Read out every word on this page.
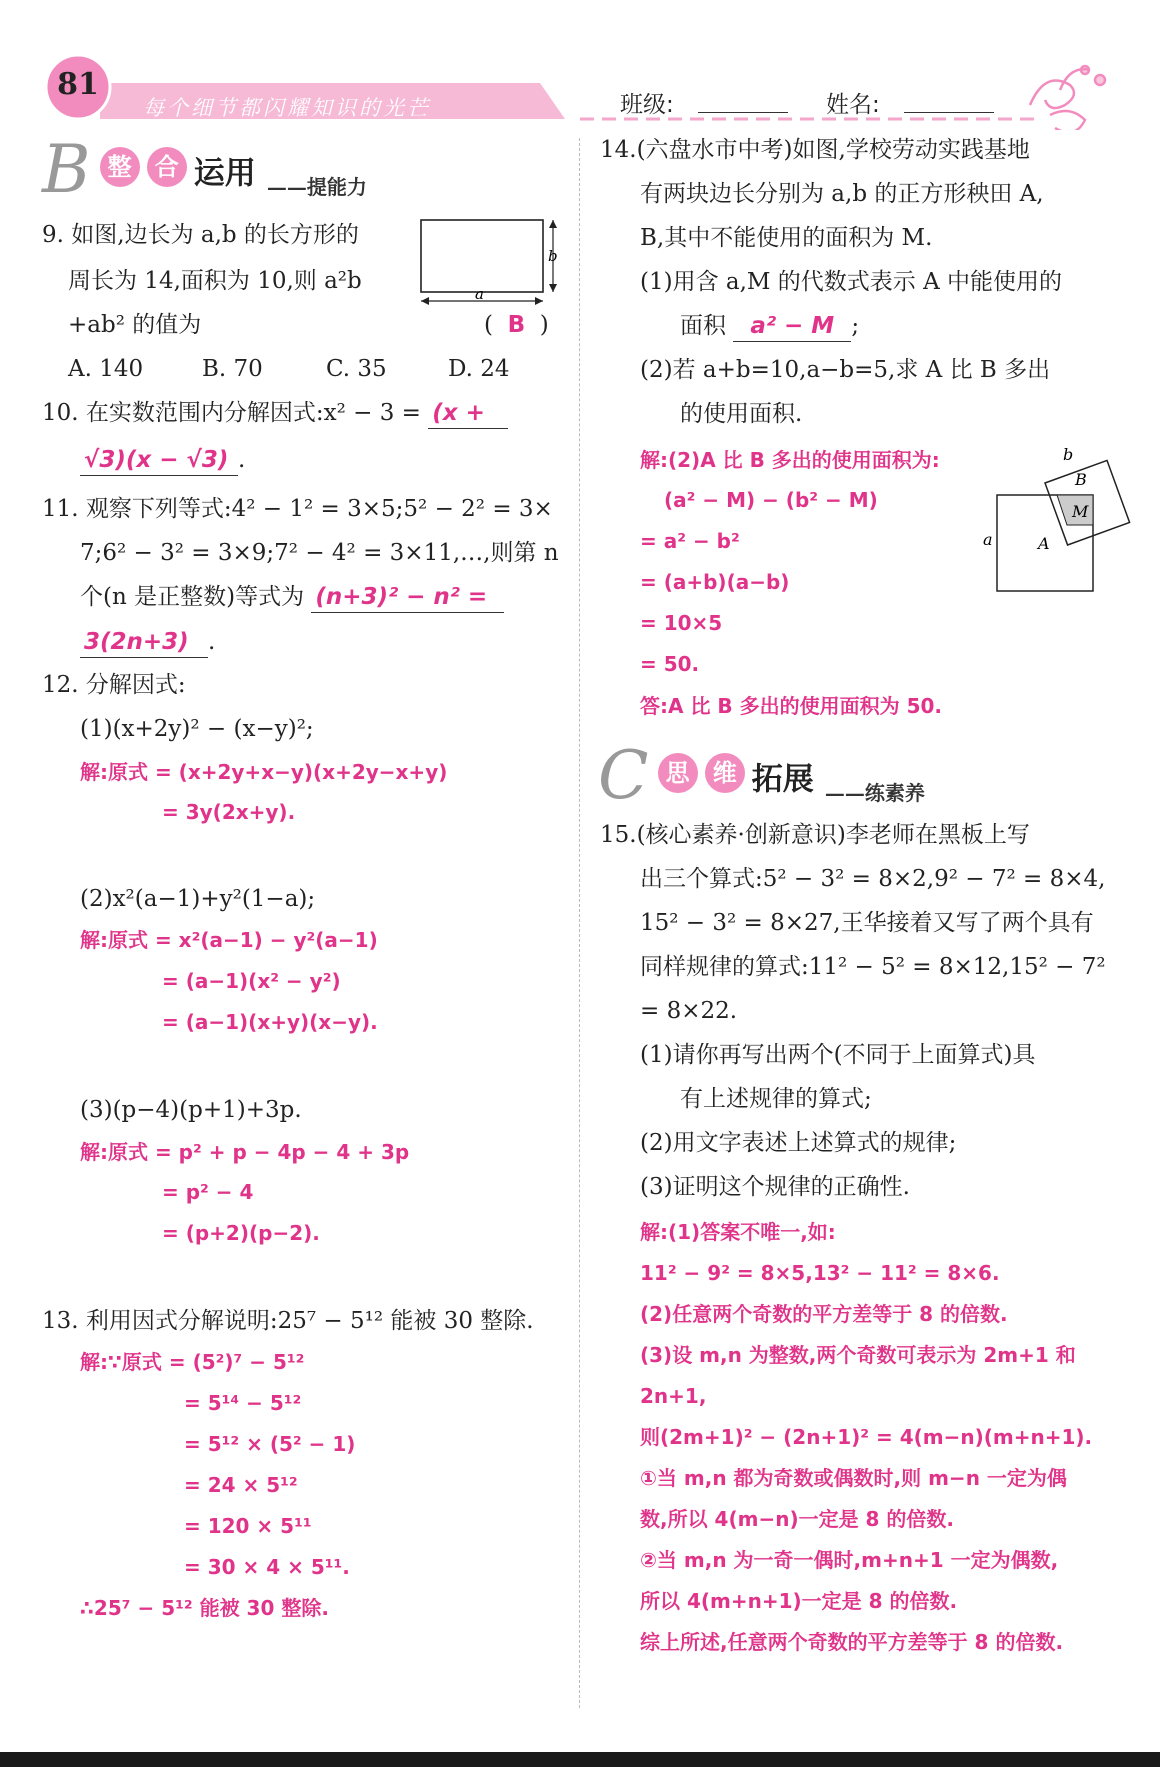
81
每个细节都闪耀知识的光芒	班级:	姓名:
B 整 合 运用 ——提能力
9. 如图,边长为 a,b 的长方形的
周长为 14,面积为 10,则 a²b
+ab² 的值为	(  B  )
A. 140	B. 70	C. 35	D. 24
b
a
10. 在实数范围内分解因式:x² − 3 = (x +
√3)(x − √3) .
11. 观察下列等式:4² − 1² = 3×5;5² − 2² = 3×
7;6² − 3² = 3×9;7² − 4² = 3×11,…,则第 n
个(n 是正整数)等式为 (n+3)² − n² =
3(2n+3) .
12. 分解因式:
(1)(x+2y)² − (x−y)²;
解:原式 = (x+2y+x−y)(x+2y−x+y)
= 3y(2x+y).
(2)x²(a−1)+y²(1−a);
解:原式 = x²(a−1) − y²(a−1)
= (a−1)(x² − y²)
= (a−1)(x+y)(x−y).
(3)(p−4)(p+1)+3p.
解:原式 = p² + p − 4p − 4 + 3p
= p² − 4
= (p+2)(p−2).
13. 利用因式分解说明:25⁷ − 5¹² 能被 30 整除.
解:∵原式 = (5²)⁷ − 5¹²
= 5¹⁴ − 5¹²
= 5¹² × (5² − 1)
= 24 × 5¹²
= 120 × 5¹¹
= 30 × 4 × 5¹¹.
∴25⁷ − 5¹² 能被 30 整除.
14.(六盘水市中考)如图,学校劳动实践基地
有两块边长分别为 a,b 的正方形秧田 A,
B,其中不能使用的面积为 M.
(1)用含 a,M 的代数式表示 A 中能使用的
面积 a² − M ;
(2)若 a+b=10,a−b=5,求 A 比 B 多出
的使用面积.
解:(2)A 比 B 多出的使用面积为:
(a² − M) − (b² − M)
= a² − b²
= (a+b)(a−b)
= 10×5
= 50.
答:A 比 B 多出的使用面积为 50.
M
B
b
A
a
C 思 维 拓展 ——练素养
15.(核心素养·创新意识)李老师在黑板上写
出三个算式:5² − 3² = 8×2,9² − 7² = 8×4,
15² − 3² = 8×27,王华接着又写了两个具有
同样规律的算式:11² − 5² = 8×12,15² − 7²
= 8×22.
(1)请你再写出两个(不同于上面算式)具
有上述规律的算式;
(2)用文字表述上述算式的规律;
(3)证明这个规律的正确性.
解:(1)答案不唯一,如:
11² − 9² = 8×5,13² − 11² = 8×6.
(2)任意两个奇数的平方差等于 8 的倍数.
(3)设 m,n 为整数,两个奇数可表示为 2m+1 和
2n+1,
则(2m+1)² − (2n+1)² = 4(m−n)(m+n+1).
①当 m,n 都为奇数或偶数时,则 m−n 一定为偶
数,所以 4(m−n)一定是 8 的倍数.
②当 m,n 为一奇一偶时,m+n+1 一定为偶数,
所以 4(m+n+1)一定是 8 的倍数.
综上所述,任意两个奇数的平方差等于 8 的倍数.
